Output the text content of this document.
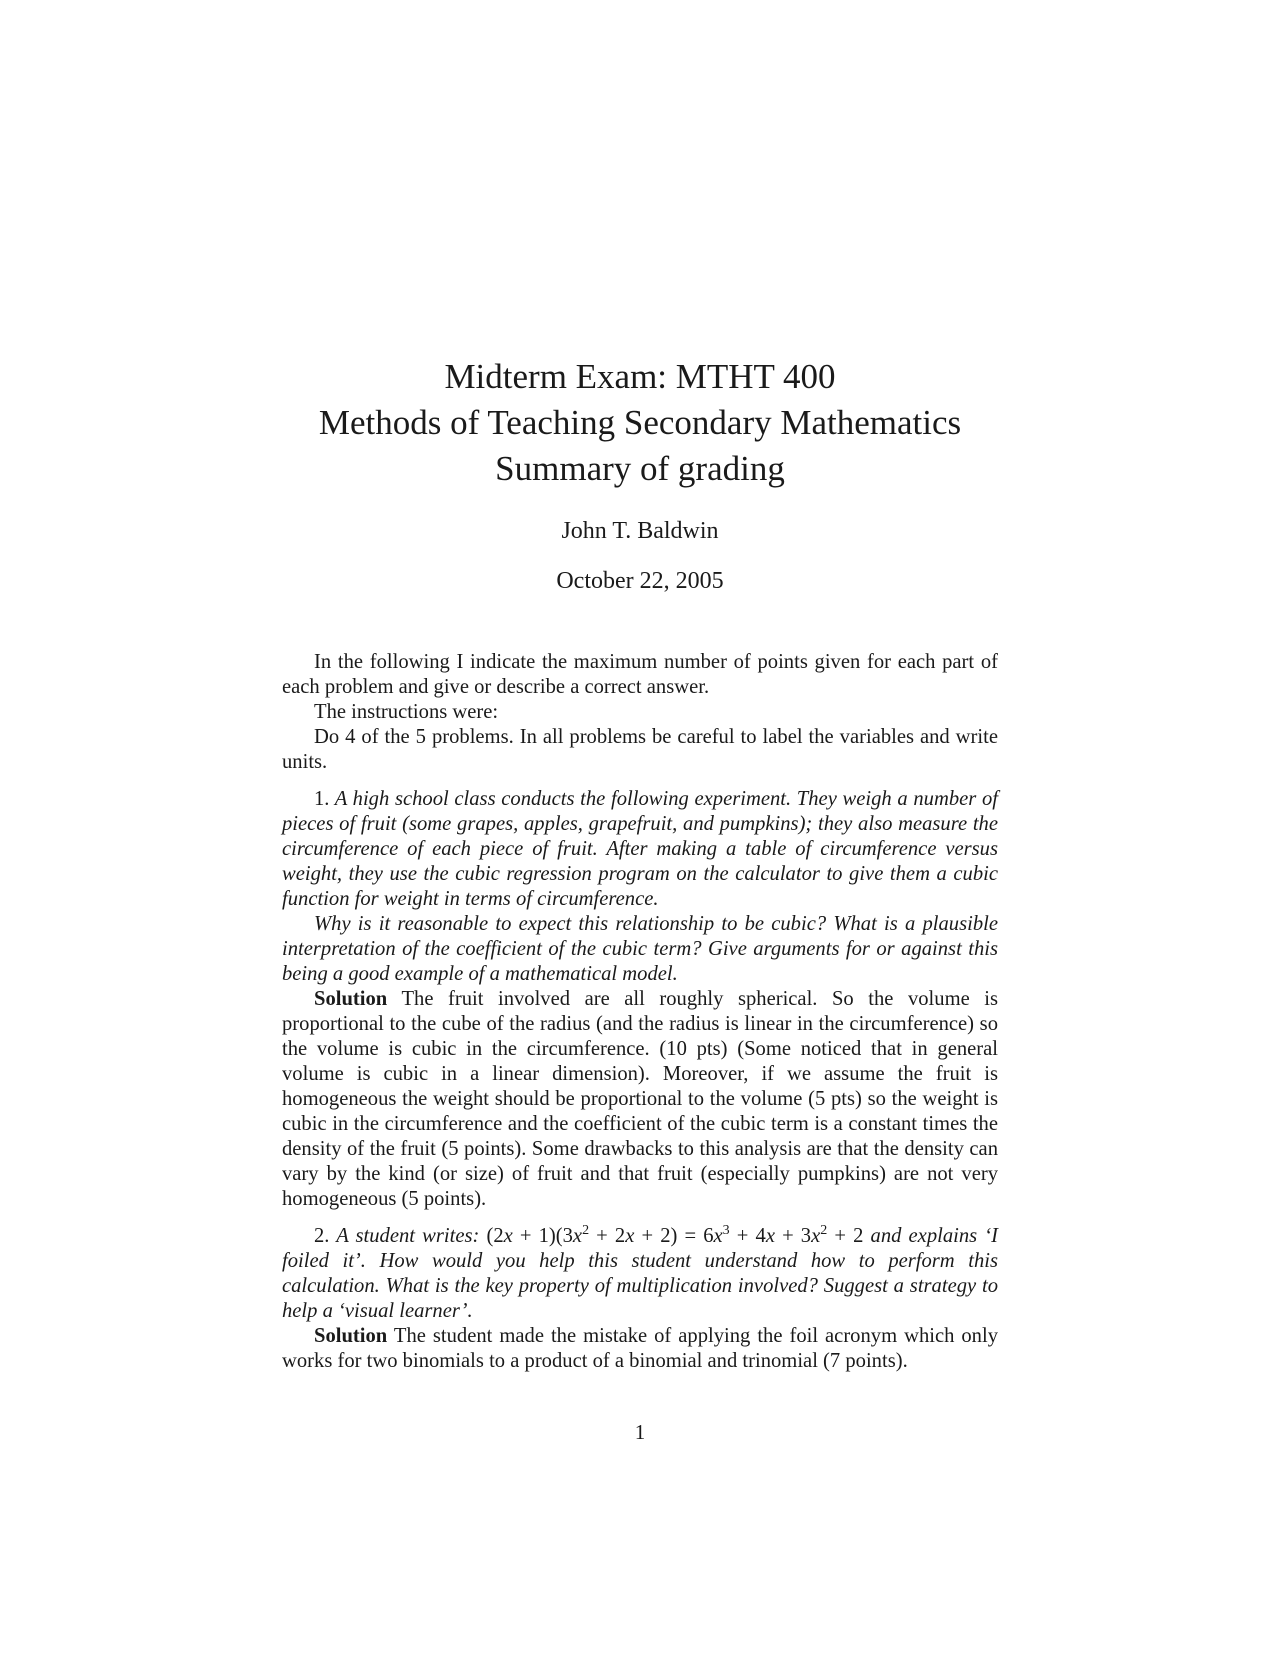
Midterm Exam: MTHT 400
Methods of Teaching Secondary Mathematics
Summary of grading
John T. Baldwin
October 22, 2005

In the following I indicate the maximum number of points given for each part of each problem and give or describe a correct answer.

The instructions were:

Do 4 of the 5 problems. In all problems be careful to label the variables and write units.

1. A high school class conducts the following experiment. They weigh a number of pieces of fruit (some grapes, apples, grapefruit, and pumpkins); they also measure the circumference of each piece of fruit. After making a table of circumference versus weight, they use the cubic regression program on the calculator to give them a cubic function for weight in terms of circumference.

Why is it reasonable to expect this relationship to be cubic? What is a plausible interpretation of the coefficient of the cubic term? Give arguments for or against this being a good example of a mathematical model.

Solution The fruit involved are all roughly spherical. So the volume is proportional to the cube of the radius (and the radius is linear in the circumference) so the volume is cubic in the circumference. (10 pts) (Some noticed that in general volume is cubic in a linear dimension). Moreover, if we assume the fruit is homogeneous the weight should be proportional to the volume (5 pts) so the weight is cubic in the circumference and the coefficient of the cubic term is a constant times the density of the fruit (5 points). Some drawbacks to this analysis are that the density can vary by the kind (or size) of fruit and that fruit (especially pumpkins) are not very homogeneous (5 points).

2. A student writes: $(2x + 1)(3x^2 + 2x + 2) = 6x^3 + 4x + 3x^2 + 2$ and explains ‘I foiled it’. How would you help this student understand how to perform this calculation. What is the key property of multiplication involved? Suggest a strategy to help a ‘visual learner’.

Solution The student made the mistake of applying the foil acronym which only works for two binomials to a product of a binomial and trinomial (7 points).

1
